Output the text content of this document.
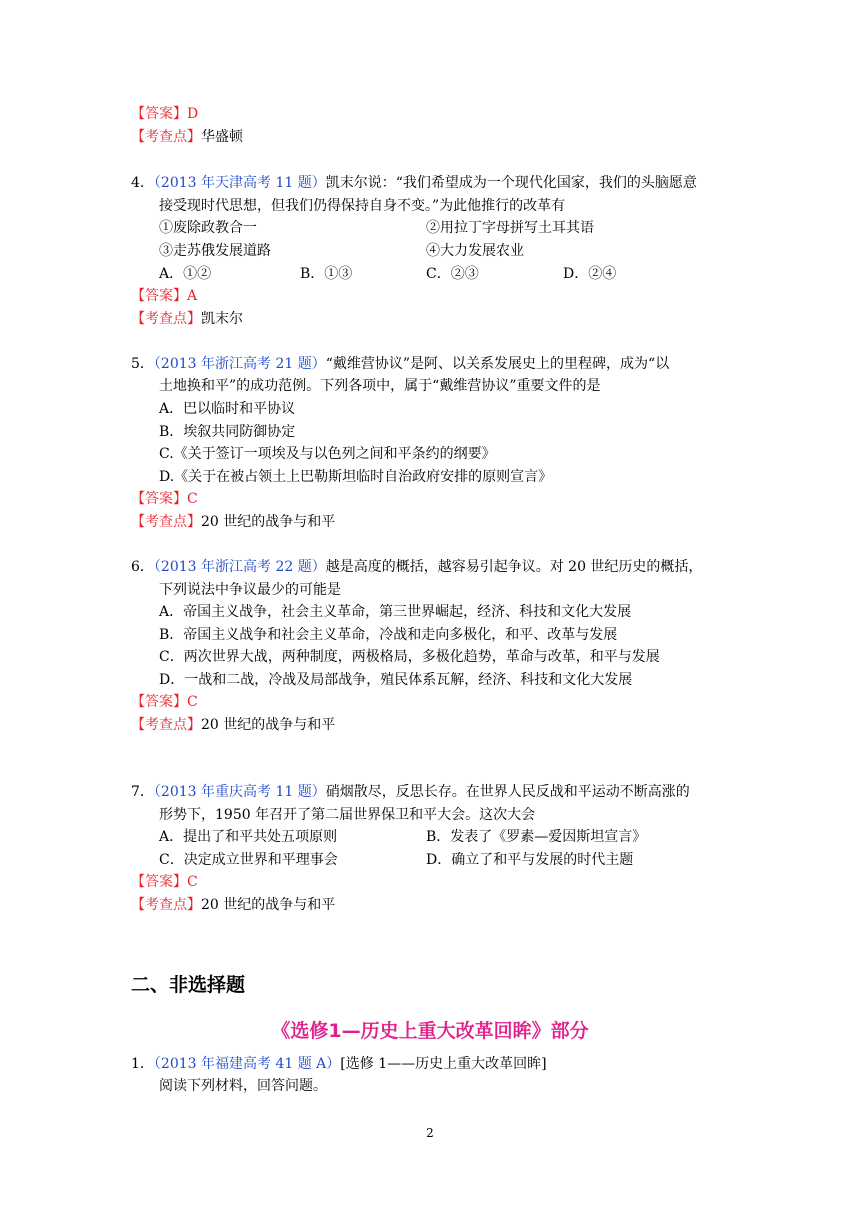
【答案】D
【考查点】华盛顿
4．（2013 年天津高考 11 题）凯末尔说：“我们希望成为一个现代化国家，我们的头脑愿意
接受现时代思想，但我们仍得保持自身不变。”为此他推行的改革有
①废除政教合一	②用拉丁字母拼写土耳其语
③走苏俄发展道路	④大力发展农业
A．①②	B．①③	C．②③	D．②④
【答案】A
【考查点】凯末尔
5．（2013 年浙江高考 21 题）“戴维营协议”是阿、以关系发展史上的里程碑，成为“以
土地换和平”的成功范例。下列各项中，属于“戴维营协议”重要文件的是
A．巴以临时和平协议
B．埃叙共同防御协定
C.《关于签订一项埃及与以色列之间和平条约的纲要》
D.《关于在被占领土上巴勒斯坦临时自治政府安排的原则宣言》
【答案】C
【考查点】20 世纪的战争与和平
6．（2013 年浙江高考 22 题）越是高度的概括，越容易引起争议。对 20 世纪历史的概括，
下列说法中争议最少的可能是
A．帝国主义战争，社会主义革命，第三世界崛起，经济、科技和文化大发展
B．帝国主义战争和社会主义革命，冷战和走向多极化，和平、改革与发展
C．两次世界大战，两种制度，两极格局，多极化趋势，革命与改革，和平与发展
D．一战和二战，冷战及局部战争，殖民体系瓦解，经济、科技和文化大发展
【答案】C
【考查点】20 世纪的战争与和平
7．（2013 年重庆高考 11 题）硝烟散尽，反思长存。在世界人民反战和平运动不断高涨的
形势下，1950 年召开了第二届世界保卫和平大会。这次大会
A．提出了和平共处五项原则	B．发表了《罗素—爱因斯坦宣言》
C．决定成立世界和平理事会	D．确立了和平与发展的时代主题
【答案】C
【考查点】20 世纪的战争与和平
二、非选择题
《选修1—历史上重大改革回眸》部分
1．（2013 年福建高考 41 题 A）[选修 1——历史上重大改革回眸]
阅读下列材料，回答问题。
2
